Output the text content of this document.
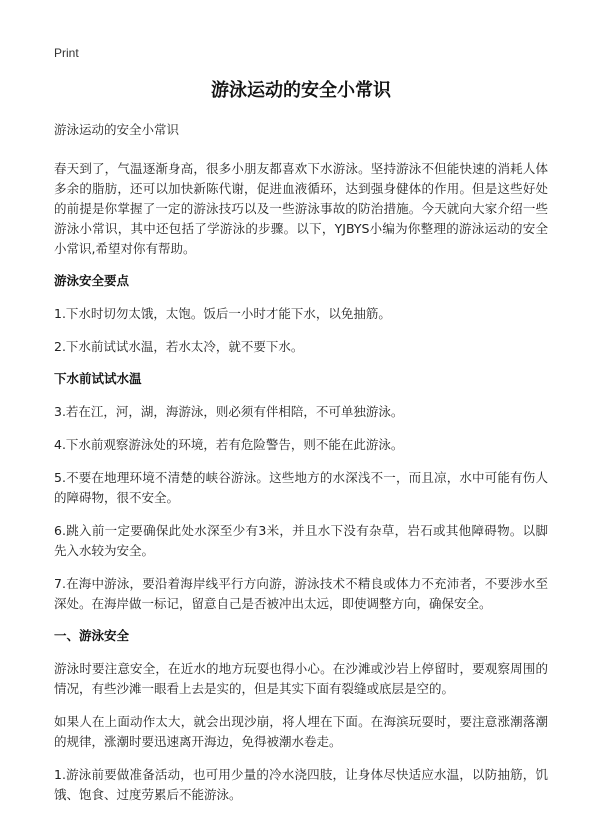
Print
游泳运动的安全小常识

游泳运动的安全小常识

春天到了，气温逐渐身高，很多小朋友都喜欢下水游泳。坚持游泳不但能快速的消耗人体多余的脂肪，还可以加快新陈代谢，促进血液循环，达到强身健体的作用。但是这些好处的前提是你掌握了一定的游泳技巧以及一些游泳事故的防治措施。今天就向大家介绍一些游泳小常识，其中还包括了学游泳的步骤。以下，YJBYS小编为你整理的游泳运动的安全小常识,希望对你有帮助。

游泳安全要点

1.下水时切勿太饿，太饱。饭后一小时才能下水，以免抽筋。

2.下水前试试水温，若水太冷，就不要下水。

下水前试试水温

3.若在江，河，湖，海游泳，则必须有伴相陪，不可单独游泳。

4.下水前观察游泳处的环境，若有危险警告，则不能在此游泳。

5.不要在地理环境不清楚的峡谷游泳。这些地方的水深浅不一，而且凉，水中可能有伤人的障碍物，很不安全。

6.跳入前一定要确保此处水深至少有3米，并且水下没有杂草，岩石或其他障碍物。以脚先入水较为安全。

7.在海中游泳，要沿着海岸线平行方向游，游泳技术不精良或体力不充沛者，不要涉水至深处。在海岸做一标记，留意自己是否被冲出太远，即使调整方向，确保安全。

一、游泳安全

游泳时要注意安全，在近水的地方玩耍也得小心。在沙滩或沙岩上停留时，要观察周围的情况，有些沙滩一眼看上去是实的，但是其实下面有裂缝或底层是空的。

如果人在上面动作太大，就会出现沙崩，将人埋在下面。在海滨玩耍时，要注意涨潮落潮的规律，涨潮时要迅速离开海边，免得被潮水卷走。

1.游泳前要做准备活动，也可用少量的冷水浇四肢，让身体尽快适应水温，以防抽筋，饥饿、饱食、过度劳累后不能游泳。
